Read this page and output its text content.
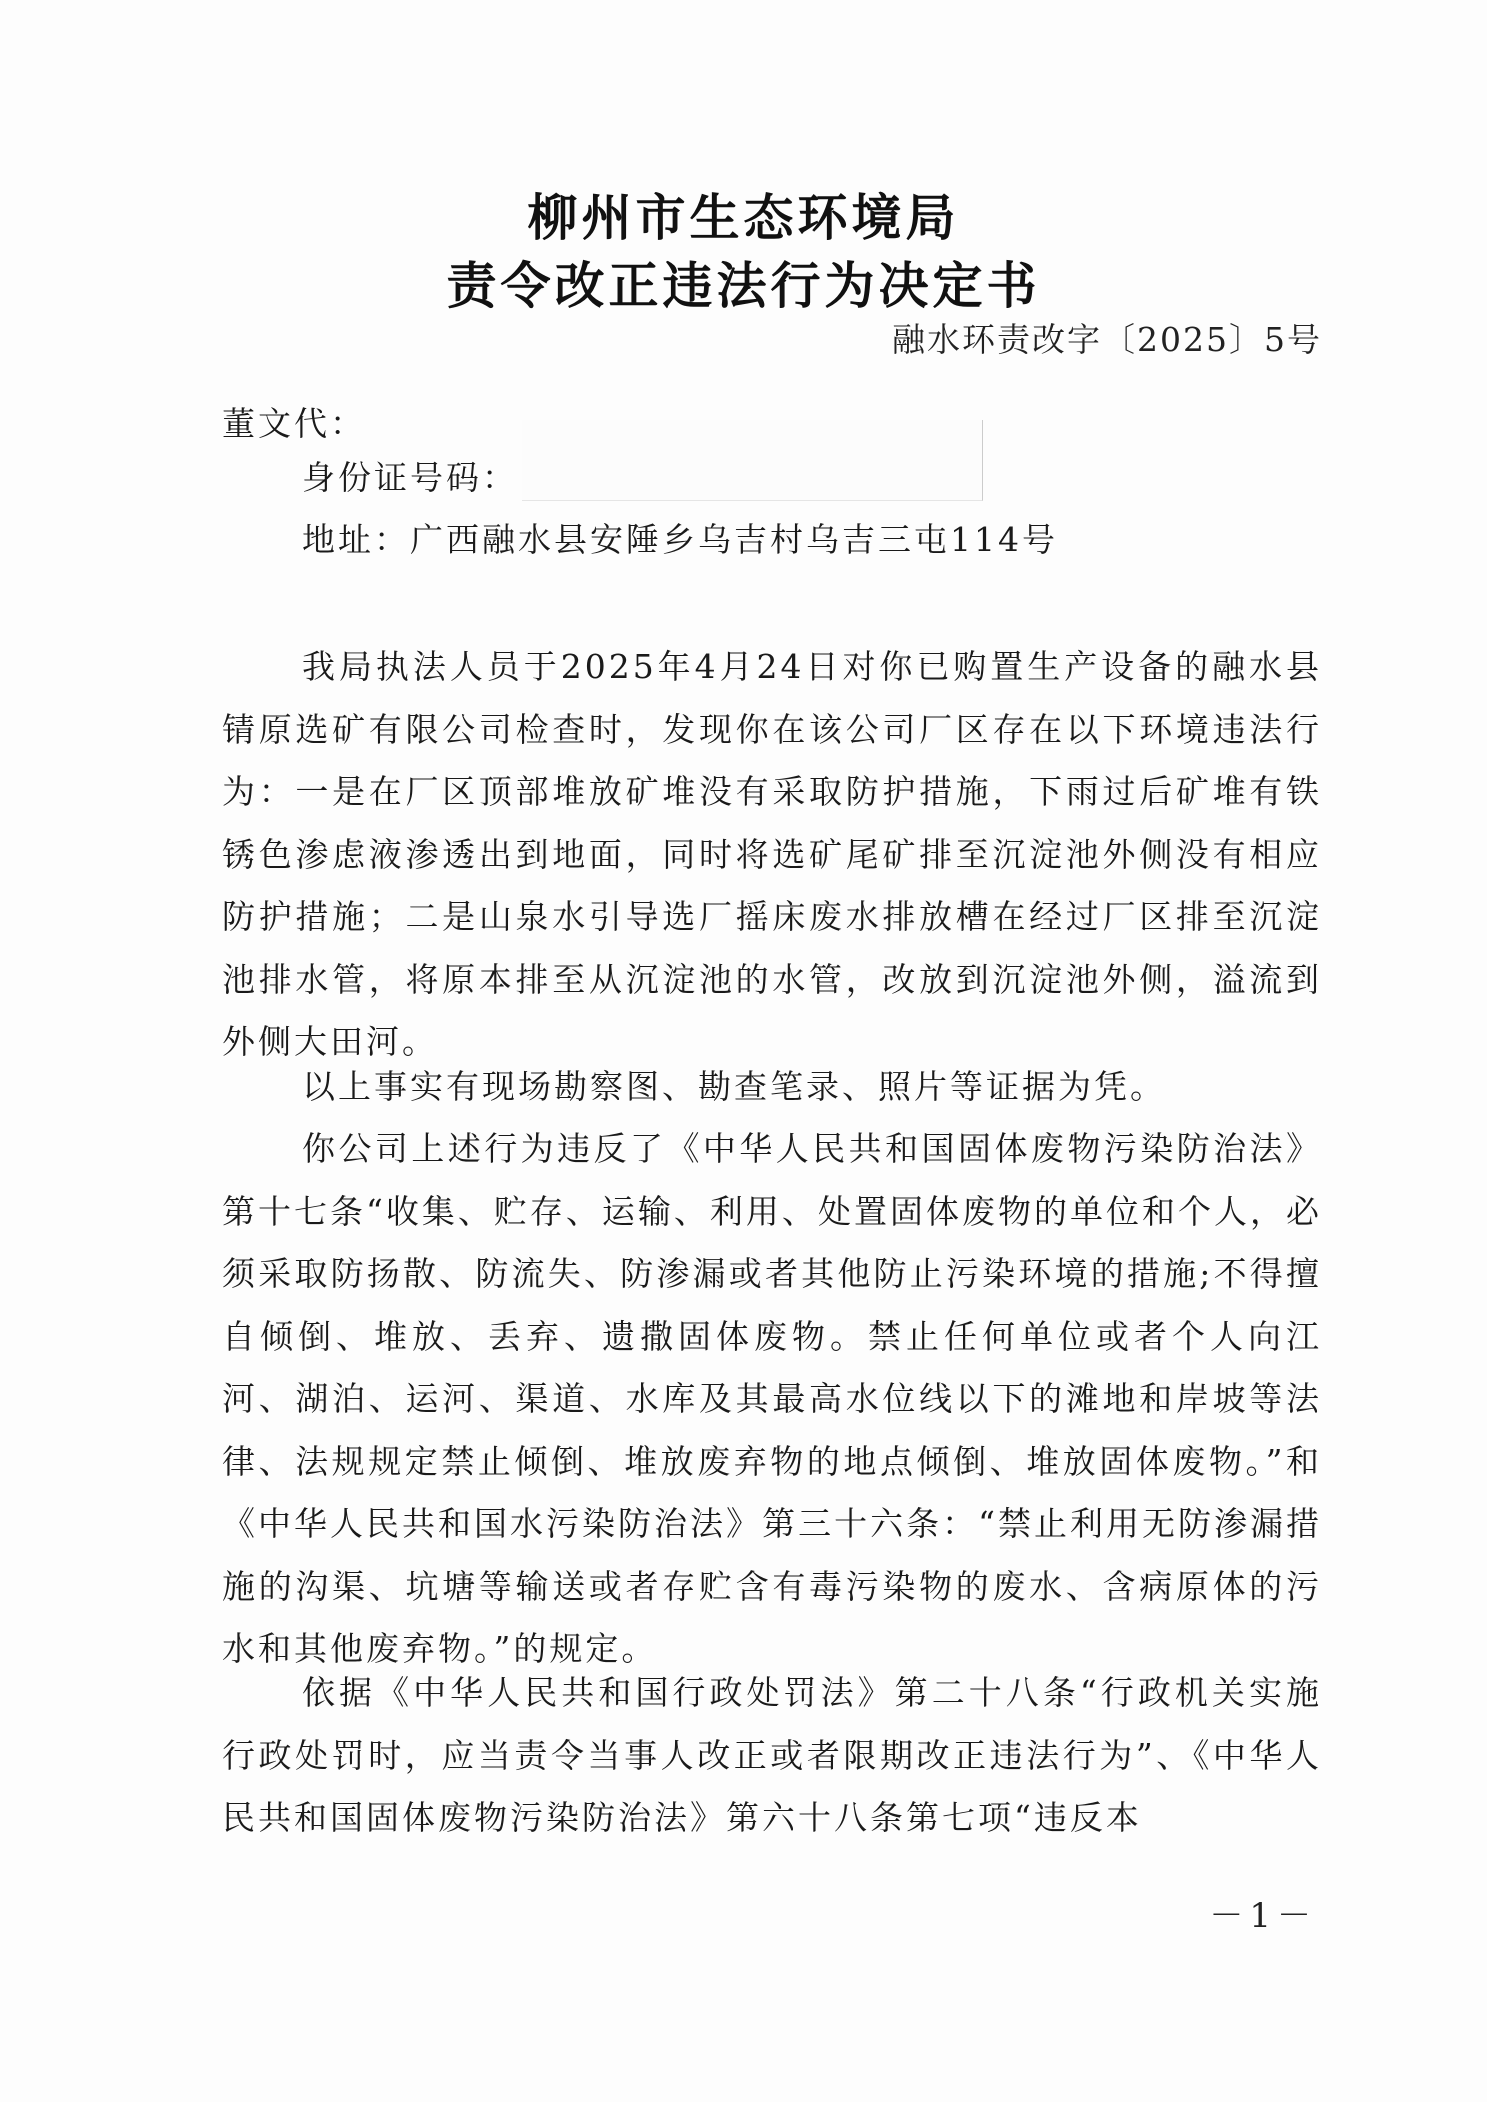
柳州市生态环境局
责令改正违法行为决定书
融水环责改字〔2025〕5号
董文代：
身份证号码：
地址：广西融水县安陲乡乌吉村乌吉三屯114号

我局执法人员于2025年4月24日对你已购置生产设备的融水县锖原选矿有限公司检查时，发现你在该公司厂区存在以下环境违法行为：一是在厂区顶部堆放矿堆没有采取防护措施，下雨过后矿堆有铁锈色渗虑液渗透出到地面，同时将选矿尾矿排至沉淀池外侧没有相应防护措施；二是山泉水引导选厂摇床废水排放槽在经过厂区排至沉淀池排水管，将原本排至从沉淀池的水管，改放到沉淀池外侧，溢流到外侧大田河。

以上事实有现场勘察图、勘查笔录、照片等证据为凭。

你公司上述行为违反了《中华人民共和国固体废物污染防治法》第十七条“收集、贮存、运输、利用、处置固体废物的单位和个人，必须采取防扬散、防流失、防渗漏或者其他防止污染环境的措施;不得擅自倾倒、堆放、丢弃、遗撒固体废物。禁止任何单位或者个人向江河、湖泊、运河、渠道、水库及其最高水位线以下的滩地和岸坡等法律、法规规定禁止倾倒、堆放废弃物的地点倾倒、堆放固体废物。”和《中华人民共和国水污染防治法》第三十六条：“禁止利用无防渗漏措施的沟渠、坑塘等输送或者存贮含有毒污染物的废水、含病原体的污水和其他废弃物。”的规定。

依据《中华人民共和国行政处罚法》第二十八条“行政机关实施行政处罚时，应当责令当事人改正或者限期改正违法行为”、《中华人民共和国固体废物污染防治法》第六十八条第七项“违反本

－1－
